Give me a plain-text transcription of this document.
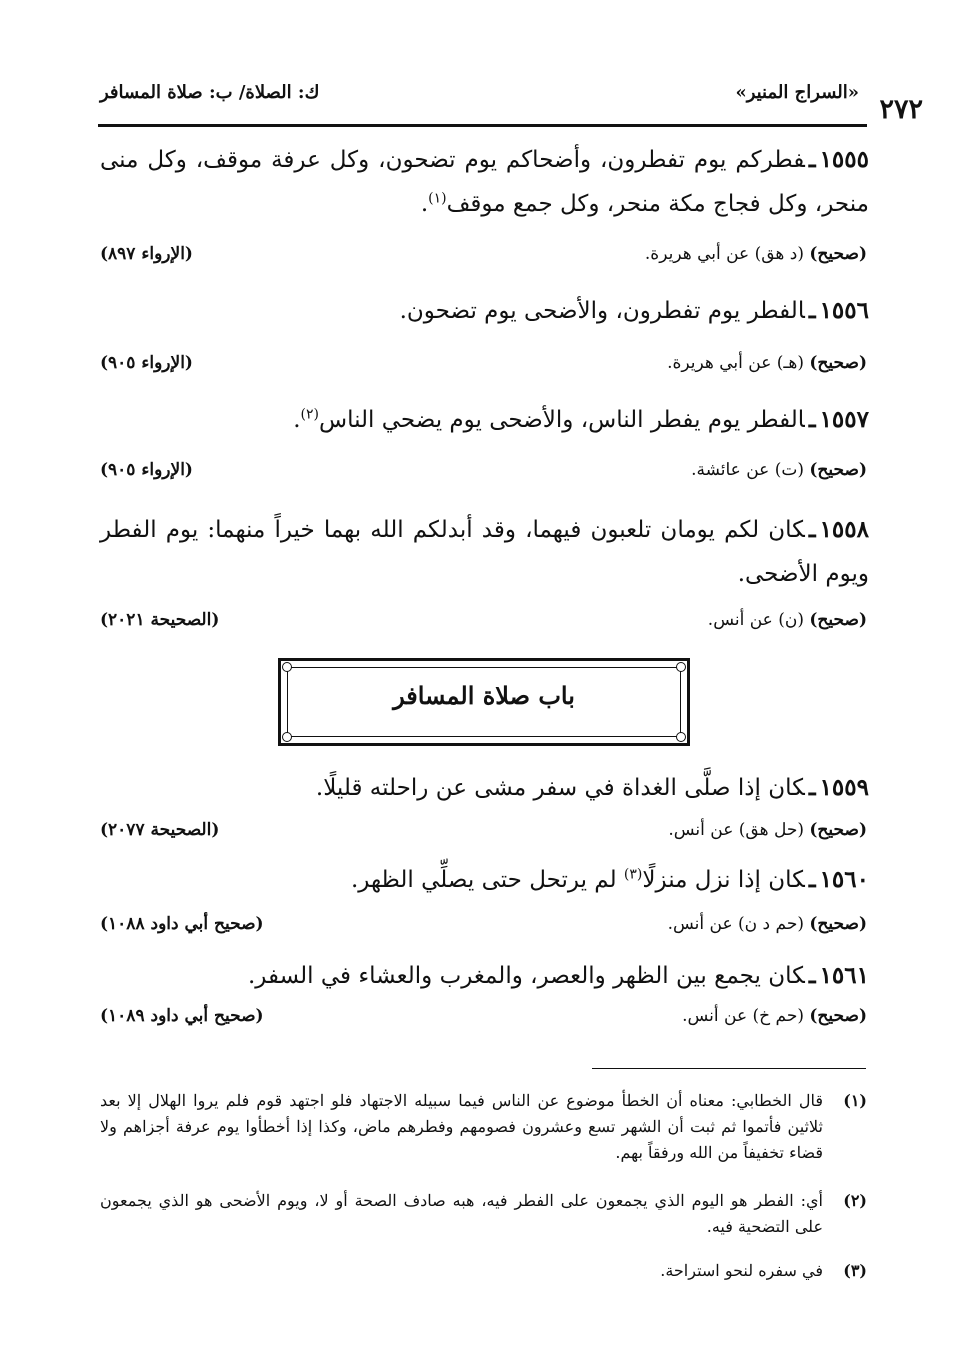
٢٧٢
«السراج المنير»
ك: الصلاة/ ب: صلاة المسافر
١٥٥٥ـفطركم يوم تفطرون، وأضحاكم يوم تضحون، وكل عرفة موقف، وكل منى منحر، وكل فجاج مكة منحر، وكل جمع موقف$^{(١)}$.
(صحيح) (د هق) عن أبي هريرة.
(الإرواء ٨٩٧)
١٥٥٦ـالفطر يوم تفطرون، والأضحى يوم تضحون.
(صحيح) (هـ) عن أبي هريرة.
(الإرواء ٩٠٥)
١٥٥٧ـالفطر يوم يفطر الناس، والأضحى يوم يضحي الناس$^{(٢)}$.
(صحيح) (ت) عن عائشة.
(الإرواء ٩٠٥)
١٥٥٨ـكان لكم يومان تلعبون فيهما، وقد أبدلكم الله بهما خيراً منهما: يوم الفطر ويوم الأضحى.
(صحيح) (ن) عن أنس.
(الصحيحة ٢٠٢١)
باب صلاة المسافر
١٥٥٩ـكان إذا صلَّى الغداة في سفر مشى عن راحلته قليلًا.
(صحيح) (حل هق) عن أنس.
(الصحيحة ٢٠٧٧)
١٥٦٠ـكان إذا نزل منزلًا$^{(٣)}$ لم يرتحل حتى يصلِّي الظهر.
(صحيح) (حم د ن) عن أنس.
(صحيح أبي داود ١٠٨٨)
١٥٦١ـكان يجمع بين الظهر والعصر، والمغرب والعشاء في السفر.
(صحيح) (حم خ) عن أنس.
(صحيح أبي داود ١٠٨٩)
(١)
قال الخطابي: معناه أن الخطأ موضوع عن الناس فيما سبيله الاجتهاد فلو اجتهد قوم فلم يروا الهلال إلا بعد ثلاثين فأتموا ثم ثبت أن الشهر تسع وعشرون فصومهم وفطرهم ماض، وكذا إذا أخطأوا يوم عرفة أجزاهم ولا قضاء تخفيفاً من الله ورفقاً بهم.
(٢)
أي: الفطر هو اليوم الذي يجمعون على الفطر فيه، هبه صادف الصحة أو لا، ويوم الأضحى هو الذي يجمعون على التضحية فيه.
(٣)
في سفره لنحو استراحة.
